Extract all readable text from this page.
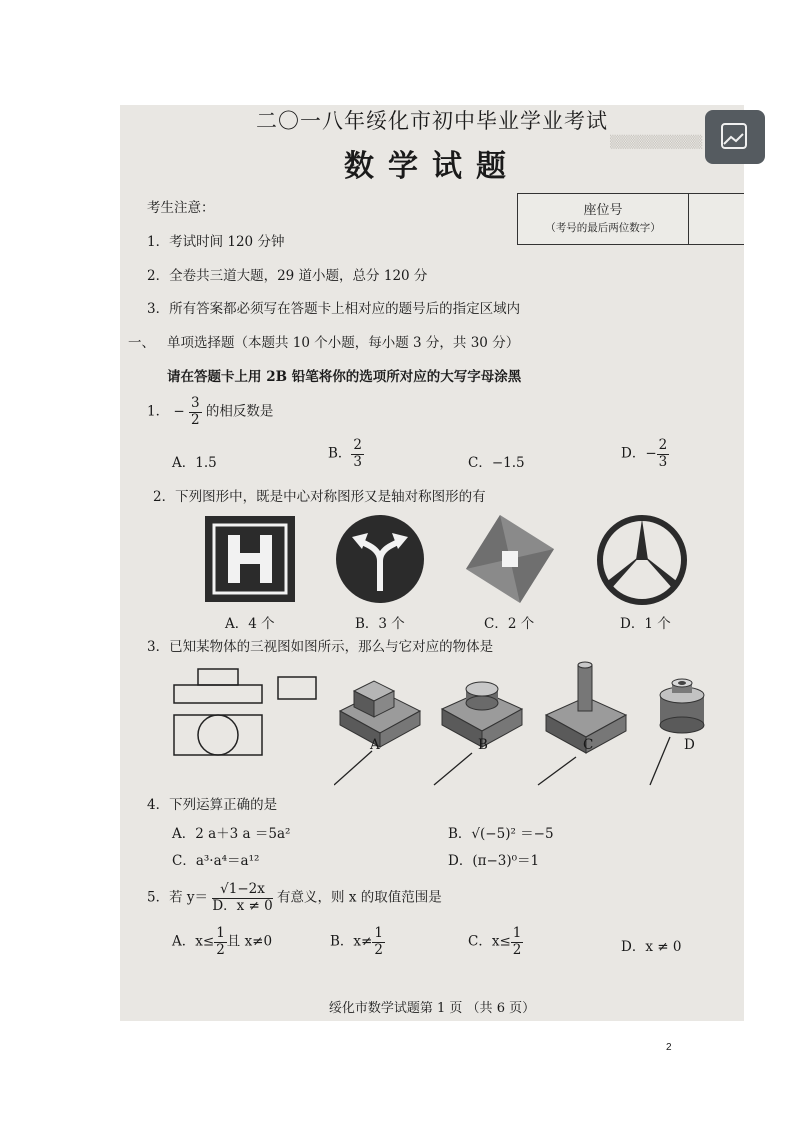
▒▒▒▒▒▒▒▒▒▒
二〇一八年绥化市初中毕业学业考试
数学试题
考生注意：
1．考试时间 120 分钟
2．全卷共三道大题，29 道小题，总分 120 分
3．所有答案都必须写在答题卡上相对应的题号后的指定区域内
座位号
（考号的最后两位数字）
一、 单项选择题（本题共 10 个小题，每小题 3 分，共 30 分）
请在答题卡上用 2B 铅笔将你的选项所对应的大写字母涂黑
1． − $\frac{3}{2}$ 的相反数是
A．1.5
B． $\frac{2}{3}$	C．−1.5
D．− $\frac{2}{3}$
2．下列图形中，既是中心对称图形又是轴对称图形的有
A．4 个	B．3 个	C．2 个	D．1 个
3．已知某物体的三视图如图所示，那么与它对应的物体是
A	B	C	D
4．下列运算正确的是
A．2 a＋3 a ＝5a²	B．√(−5)² ＝−5
C．a³·a⁴＝a¹²	D．(π−3)⁰＝1
5．若 $y= \frac{√1-2x}{D.x \ne 0}$ 有意义，则 x 的取值范围是
A．$x\le \frac{1}{2}$ 且 x≠0	B．$x\ne \frac{1}{2}$	C．$x\le \frac{1}{2}$	D．x ≠ 0
绥化市数学试题第 1 页 （共 6 页）
2
